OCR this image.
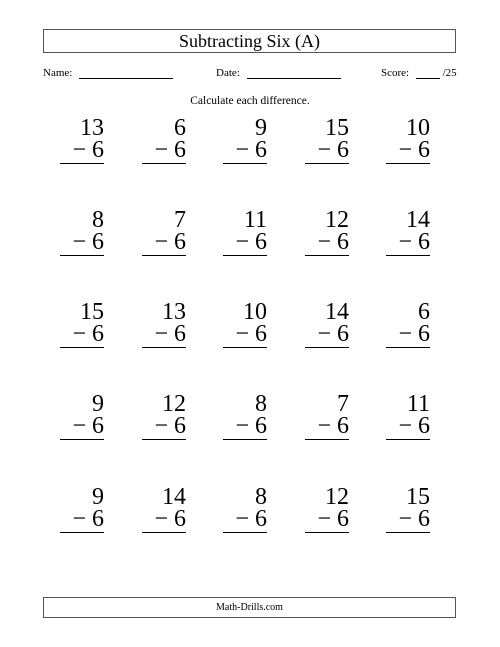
Subtracting Six (A)
Name:	Date:	Score:	/25
Calculate each difference.
13
− 6
6
− 6
9
− 6
15
− 6
10
− 6
8
− 6
7
− 6
11
− 6
12
− 6
14
− 6
15
− 6
13
− 6
10
− 6
14
− 6
6
− 6
9
− 6
12
− 6
8
− 6
7
− 6
11
− 6
9
− 6
14
− 6
8
− 6
12
− 6
15
− 6
Math-Drills.com
